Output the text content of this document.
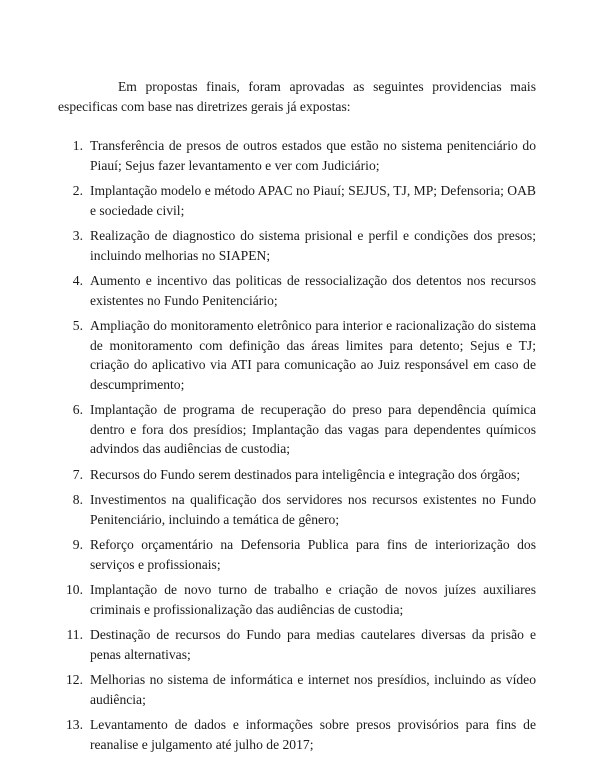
Em propostas finais, foram aprovadas as seguintes providencias mais especificas com base nas diretrizes gerais já expostas:

1. Transferência de presos de outros estados que estão no sistema penitenciário do Piauí; Sejus fazer levantamento e ver com Judiciário;
2. Implantação modelo e método APAC no Piauí; SEJUS, TJ, MP; Defensoria; OAB e sociedade civil;
3. Realização de diagnostico do sistema prisional e perfil e condições dos presos; incluindo melhorias no SIAPEN;
4. Aumento e incentivo das politicas de ressocialização dos detentos nos recursos existentes no Fundo Penitenciário;
5. Ampliação do monitoramento eletrônico para interior e racionalização do sistema de monitoramento com definição das áreas limites para detento; Sejus e TJ; criação do aplicativo via ATI para comunicação ao Juiz responsável em caso de descumprimento;
6. Implantação de programa de recuperação do preso para dependência química dentro e fora dos presídios; Implantação das vagas para dependentes químicos advindos das audiências de custodia;
7. Recursos do Fundo serem destinados para inteligência e integração dos órgãos;
8. Investimentos na qualificação dos servidores nos recursos existentes no Fundo Penitenciário, incluindo a temática de gênero;
9. Reforço orçamentário na Defensoria Publica para fins de interiorização dos serviços e profissionais;
10. Implantação de novo turno de trabalho e criação de novos juízes auxiliares criminais e profissionalização das audiências de custodia;
11. Destinação de recursos do Fundo para medias cautelares diversas da prisão e penas alternativas;
12. Melhorias no sistema de informática e internet nos presídios, incluindo as vídeo audiência;
13. Levantamento de dados e informações sobre presos provisórios para fins de reanalise e julgamento até julho de 2017;
